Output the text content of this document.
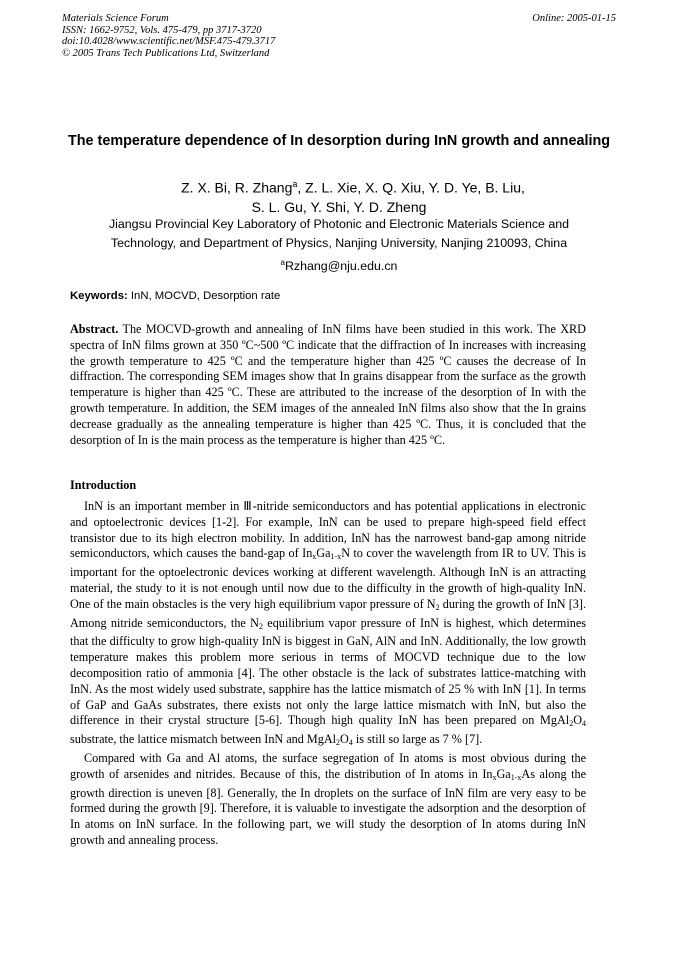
Materials Science Forum
ISSN: 1662-9752, Vols. 475-479, pp 3717-3720
doi:10.4028/www.scientific.net/MSF.475-479.3717
© 2005 Trans Tech Publications Ltd, Switzerland
Online: 2005-01-15
The temperature dependence of In desorption during InN growth and annealing
Z. X. Bi, R. Zhang$^a$, Z. L. Xie, X. Q. Xiu, Y. D. Ye, B. Liu,
S. L. Gu, Y. Shi, Y. D. Zheng
Jiangsu Provincial Key Laboratory of Photonic and Electronic Materials Science and
Technology, and Department of Physics, Nanjing University, Nanjing 210093, China
$^a$Rzhang@nju.edu.cn
Keywords: InN, MOCVD, Desorption rate

Abstract. The MOCVD-growth and annealing of InN films have been studied in this work. The XRD spectra of InN films grown at 350 ºC~500 ºC indicate that the diffraction of In increases with increasing the growth temperature to 425 ºC and the temperature higher than 425 ºC causes the decrease of In diffraction. The corresponding SEM images show that In grains disappear from the surface as the growth temperature is higher than 425 ºC. These are attributed to the increase of the desorption of In with the growth temperature. In addition, the SEM images of the annealed InN films also show that the In grains decrease gradually as the annealing temperature is higher than 425 ºC. Thus, it is concluded that the desorption of In is the main process as the temperature is higher than 425 ºC.

Introduction

InN is an important member in Ⅲ-nitride semiconductors and has potential applications in electronic and optoelectronic devices [1-2]. For example, InN can be used to prepare high-speed field effect transistor due to its high electron mobility. In addition, InN has the narrowest band-gap among nitride semiconductors, which causes the band-gap of $In_xGa_{1-x}N$ to cover the wavelength from IR to UV. This is important for the optoelectronic devices working at different wavelength. Although InN is an attracting material, the study to it is not enough until now due to the difficulty in the growth of high-quality InN. One of the main obstacles is the very high equilibrium vapor pressure of $N_2$ during the growth of InN [3]. Among nitride semiconductors, the $N_2$ equilibrium vapor pressure of InN is highest, which determines that the difficulty to grow high-quality InN is biggest in GaN, AlN and InN. Additionally, the low growth temperature makes this problem more serious in terms of MOCVD technique due to the low decomposition ratio of ammonia [4]. The other obstacle is the lack of substrates lattice-matching with InN. As the most widely used substrate, sapphire has the lattice mismatch of 25 % with InN [1]. In terms of GaP and GaAs substrates, there exists not only the large lattice mismatch with InN, but also the difference in their crystal structure [5-6]. Though high quality InN has been prepared on $MgAl_2O_4$ substrate, the lattice mismatch between InN and $MgAl_2O_4$ is still so large as 7 % [7].

Compared with Ga and Al atoms, the surface segregation of In atoms is most obvious during the growth of arsenides and nitrides. Because of this, the distribution of In atoms in $In_xGa_{1-x}As$ along the growth direction is uneven [8]. Generally, the In droplets on the surface of InN film are very easy to be formed during the growth [9]. Therefore, it is valuable to investigate the adsorption and the desorption of In atoms on InN surface. In the following part, we will study the desorption of In atoms during InN growth and annealing process.
